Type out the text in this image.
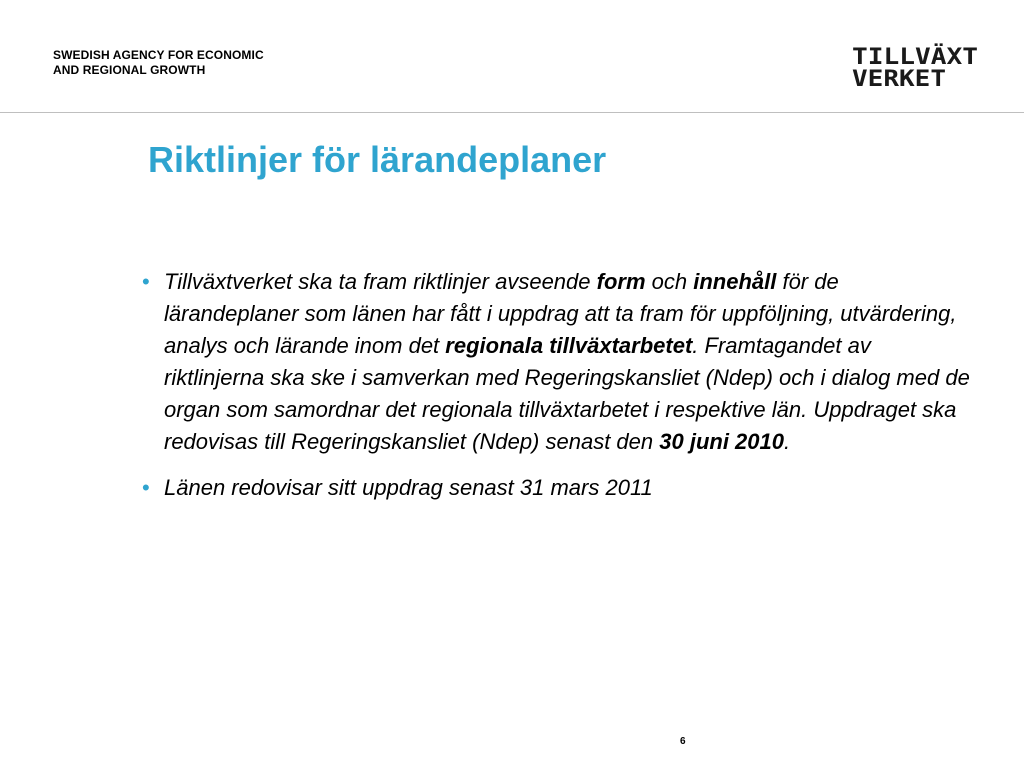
SWEDISH AGENCY FOR ECONOMIC
AND REGIONAL GROWTH	TILLVÄXT
VERKET
Riktlinjer för lärandeplaner
• Tillväxtverket ska ta fram riktlinjer avseende form och innehåll för de lärandeplaner som länen har fått i uppdrag att ta fram för uppföljning, utvärdering, analys och lärande inom det regionala tillväxtarbetet. Framtagandet av riktlinjerna ska ske i samverkan med Regeringskansliet (Ndep) och i dialog med de organ som samordnar det regionala tillväxtarbetet i respektive län. Uppdraget ska redovisas till Regeringskansliet (Ndep) senast den 30 juni 2010.
• Länen redovisar sitt uppdrag senast 31 mars 2011
6
